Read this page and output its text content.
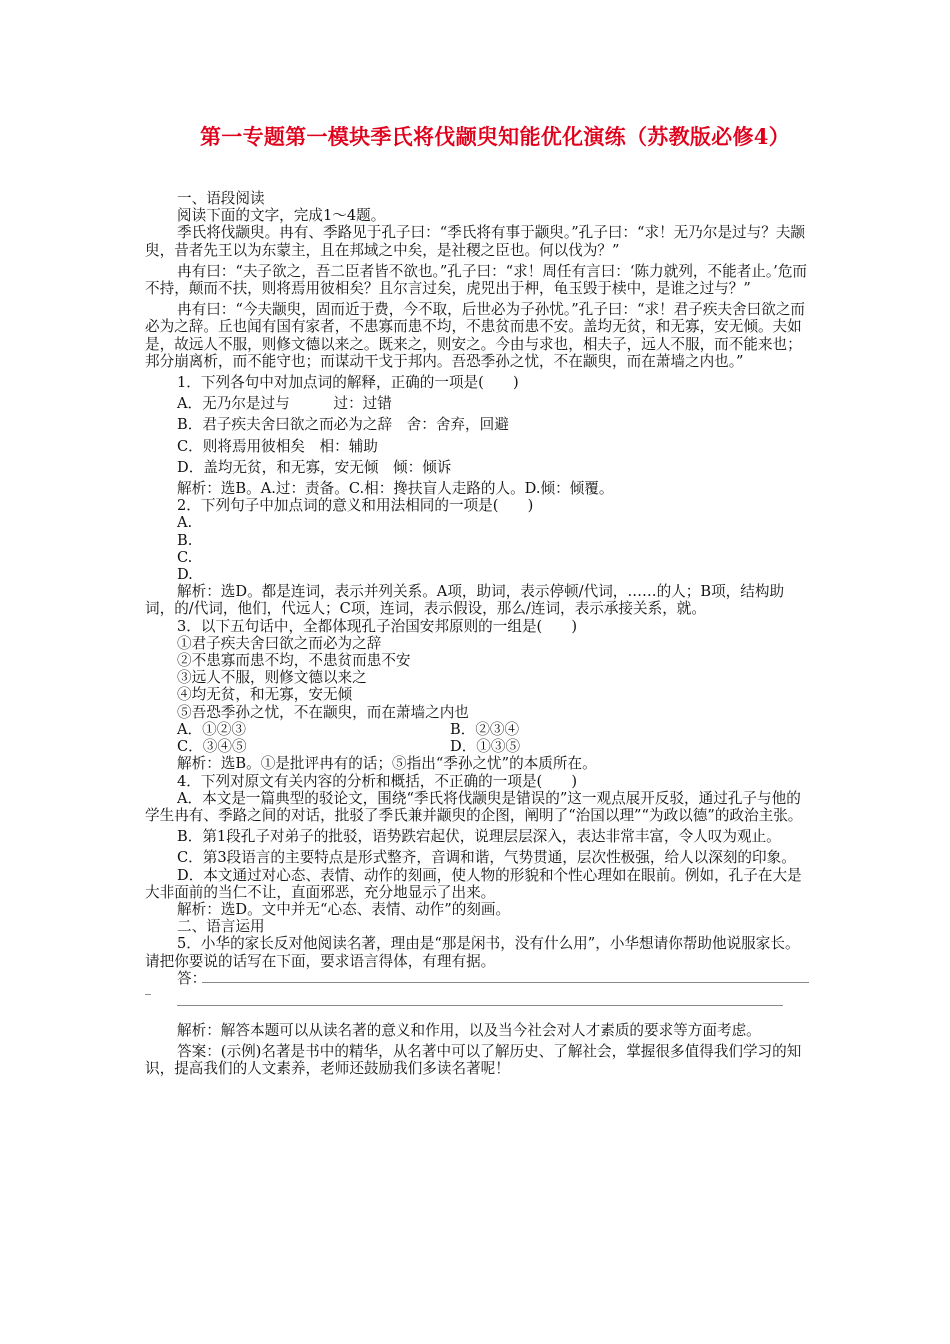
第一专题第一模块季氏将伐颛臾知能优化演练（苏教版必修4）

一、语段阅读

阅读下面的文字，完成1～4题。

季氏将伐颛臾。冉有、季路见于孔子曰：“季氏将有事于颛臾。”孔子曰：“求！无乃尔是过与？夫颛臾，昔者先王以为东蒙主，且在邦域之中矣，是社稷之臣也。何以伐为？”

冉有曰：“夫子欲之，吾二臣者皆不欲也。”孔子曰：“求！周任有言曰：‘陈力就列，不能者止。’危而不持，颠而不扶，则将焉用彼相矣？且尔言过矣，虎兕出于柙，龟玉毁于椟中，是谁之过与？”

冉有曰：“今夫颛臾，固而近于费，今不取，后世必为子孙忧。”孔子曰：“求！君子疾夫舍曰欲之而必为之辞。丘也闻有国有家者，不患寡而患不均，不患贫而患不安。盖均无贫，和无寡，安无倾。夫如是，故远人不服，则修文德以来之。既来之，则安之。今由与求也，相夫子，远人不服，而不能来也；邦分崩离析，而不能守也；而谋动干戈于邦内。吾恐季孙之忧，不在颛臾，而在萧墙之内也。”

1．下列各句中对加点词的解释，正确的一项是(　　)

A．无乃尔是过与　　　过：过错

B．君子疾夫舍曰欲之而必为之辞　舍：舍弃，回避

C．则将焉用彼相矣　相：辅助

D．盖均无贫，和无寡，安无倾　倾：倾诉

解析：选B。A.过：责备。C.相：搀扶盲人走路的人。D.倾：倾覆。

2．下列句子中加点词的意义和用法相同的一项是(　　)

A.

B.

C.

D.

解析：选D。都是连词，表示并列关系。A项，助词，表示停顿/代词，……的人；B项，结构助词，的/代词，他们，代远人；C项，连词，表示假设，那么/连词，表示承接关系，就。

3．以下五句话中，全都体现孔子治国安邦原则的一组是(　　)

①君子疾夫舍曰欲之而必为之辞

②不患寡而患不均，不患贫而患不安

③远人不服，则修文德以来之

④均无贫，和无寡，安无倾

⑤吾恐季孙之忧，不在颛臾，而在萧墙之内也

A．①②③	B．②③④
C．③④⑤	D．①③⑤

解析：选B。①是批评冉有的话；⑤指出“季孙之忧”的本质所在。

4．下列对原文有关内容的分析和概括，不正确的一项是(　　)

A．本文是一篇典型的驳论文，围绕“季氏将伐颛臾是错误的”这一观点展开反驳，通过孔子与他的学生冉有、季路之间的对话，批驳了季氏兼并颛臾的企图，阐明了“治国以理”“为政以德”的政治主张。

B．第1段孔子对弟子的批驳，语势跌宕起伏，说理层层深入，表达非常丰富，令人叹为观止。

C．第3段语言的主要特点是形式整齐，音调和谐，气势贯通，层次性极强，给人以深刻的印象。

D．本文通过对心态、表情、动作的刻画，使人物的形貌和个性心理如在眼前。例如，孔子在大是大非面前的当仁不让，直面邪恶，充分地显示了出来。

解析：选D。文中并无“心态、表情、动作”的刻画。

二、语言运用

5．小华的家长反对他阅读名著，理由是“那是闲书，没有什么用”，小华想请你帮助他说服家长。请把你要说的话写在下面，要求语言得体，有理有据。

答：

_

解析：解答本题可以从读名著的意义和作用，以及当今社会对人才素质的要求等方面考虑。

答案：(示例)名著是书中的精华，从名著中可以了解历史、了解社会，掌握很多值得我们学习的知识，提高我们的人文素养，老师还鼓励我们多读名著呢！
